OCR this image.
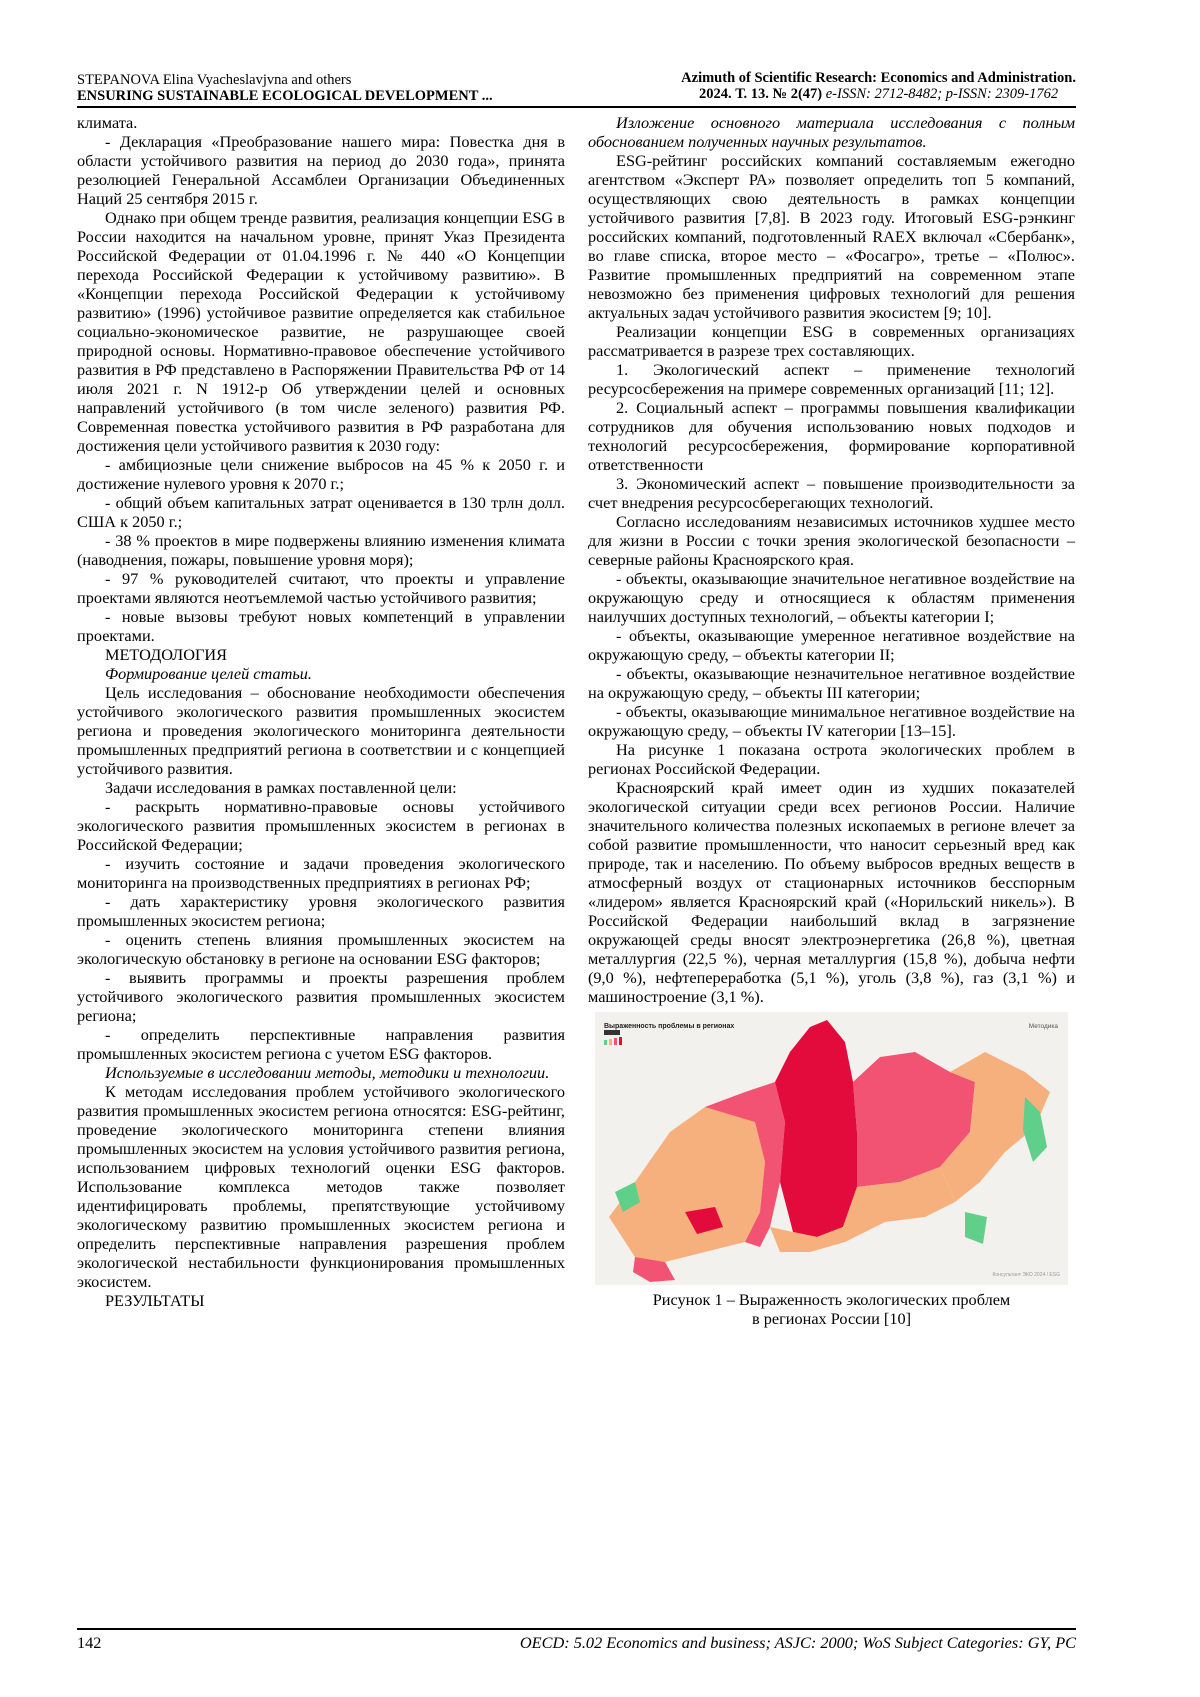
STEPANOVA Elina Vyacheslavjvna and others
ENSURING SUSTAINABLE ECOLOGICAL DEVELOPMENT ...
Azimuth of Scientific Research: Economics and Administration.
2024. Т. 13. № 2(47) e-ISSN: 2712-8482; p-ISSN: 2309-1762

климата.

- Декларация «Преобразование нашего мира: Повестка дня в области устойчивого развития на период до 2030 года», принята резолюцией Генеральной Ассамблеи Организации Объединенных Наций 25 сентября 2015 г.

Однако при общем тренде развития, реализация концепции ESG в России находится на начальном уровне, принят Указ Президента Российской Федерации от 01.04.1996 г. № 440 «О Концепции перехода Российской Федерации к устойчивому развитию». В «Концепции перехода Российской Федерации к устойчивому развитию» (1996) устойчивое развитие определяется как стабильное социально-экономическое развитие, не разрушающее своей природной основы. Нормативно-правовое обеспечение устойчивого развития в РФ представлено в Распоряжении Правительства РФ от 14 июля 2021 г. N 1912-р Об утверждении целей и основных направлений устойчивого (в том числе зеленого) развития РФ. Современная повестка устойчивого развития в РФ разработана для достижения цели устойчивого развития к 2030 году:

- амбициозные цели снижение выбросов на 45 % к 2050 г. и достижение нулевого уровня к 2070 г.;

- общий объем капитальных затрат оценивается в 130 трлн долл. США к 2050 г.;

- 38 % проектов в мире подвержены влиянию изменения климата (наводнения, пожары, повышение уровня моря);

- 97 % руководителей считают, что проекты и управление проектами являются неотъемлемой частью устойчивого развития;

- новые вызовы требуют новых компетенций в управлении проектами.

МЕТОДОЛОГИЯ

Формирование целей статьи.

Цель исследования – обоснование необходимости обеспечения устойчивого экологического развития промышленных экосистем региона и проведения экологического мониторинга деятельности промышленных предприятий региона в соответствии и с концепцией устойчивого развития.

Задачи исследования в рамках поставленной цели:

- раскрыть нормативно-правовые основы устойчивого экологического развития промышленных экосистем в регионах в Российской Федерации;

- изучить состояние и задачи проведения экологического мониторинга на производственных предприятиях в регионах РФ;

- дать характеристику уровня экологического развития промышленных экосистем региона;

- оценить степень влияния промышленных экосистем на экологическую обстановку в регионе на основании ESG факторов;

- выявить программы и проекты разрешения проблем устойчивого экологического развития промышленных экосистем региона;

- определить перспективные направления развития промышленных экосистем региона с учетом ESG факторов.

Используемые в исследовании методы, методики и технологии.

К методам исследования проблем устойчивого экологического развития промышленных экосистем региона относятся: ESG-рейтинг, проведение экологического мониторинга степени влияния промышленных экосистем на условия устойчивого развития региона, использованием цифровых технологий оценки ESG факторов. Использование комплекса методов также позволяет идентифицировать проблемы, препятствующие устойчивому экологическому развитию промышленных экосистем региона и определить перспективные направления разрешения проблем экологической нестабильности функционирования промышленных экосистем.

РЕЗУЛЬТАТЫ

Изложение основного материала исследования с полным обоснованием полученных научных результатов.

ESG-рейтинг российских компаний составляемым ежегодно агентством «Эксперт РА» позволяет определить топ 5 компаний, осуществляющих свою деятельность в рамках концепции устойчивого развития [7,8]. В 2023 году. Итоговый ESG-рэнкинг российских компаний, подготовленный RAEX включал «Сбербанк», во главе списка, второе место – «Фосагро», третье – «Полюс». Развитие промышленных предприятий на современном этапе невозможно без применения цифровых технологий для решения актуальных задач устойчивого развития экосистем [9; 10].

Реализации концепции ESG в современных организациях рассматривается в разрезе трех составляющих.

1. Экологический аспект – применение технологий ресурсосбережения на примере современных организаций [11; 12].

2. Социальный аспект – программы повышения квалификации сотрудников для обучения использованию новых подходов и технологий ресурсосбережения, формирование корпоративной ответственности

3. Экономический аспект – повышение производительности за счет внедрения ресурсосберегающих технологий.

Согласно исследованиям независимых источников худшее место для жизни в России с точки зрения экологической безопасности – северные районы Красноярского края.

- объекты, оказывающие значительное негативное воздействие на окружающую среду и относящиеся к областям применения наилучших доступных технологий, – объекты категории I;

- объекты, оказывающие умеренное негативное воздействие на окружающую среду, – объекты категории II;

- объекты, оказывающие незначительное негативное воздействие на окружающую среду, – объекты III категории;

- объекты, оказывающие минимальное негативное воздействие на окружающую среду, – объекты IV категории [13–15].

На рисунке 1 показана острота экологических проблем в регионах Российской Федерации.

Красноярский край имеет один из худших показателей экологической ситуации среди всех регионов России. Наличие значительного количества полезных ископаемых в регионе влечет за собой развитие промышленности, что наносит серьезный вред как природе, так и населению. По объему выбросов вредных веществ в атмосферный воздух от стационарных источников бесспорным «лидером» является Красноярский край («Норильский никель»). В Российской Федерации наибольший вклад в загрязнение окружающей среды вносят электроэнергетика (26,8 %), цветная металлургия (22,5 %), черная металлургия (15,8 %), добыча нефти (9,0 %), нефтепереработка (5,1 %), уголь (3,8 %), газ (3,1 %) и машиностроение (3,1 %).

Выраженность проблемы в регионах	Методика
Консультант ЭКО 2024 / ESG
Рисунок 1 – Выраженность экологических проблем
в регионах России [10]
142	OECD: 5.02 Economics and business; ASJC: 2000; WoS Subject Categories: GY, PC
